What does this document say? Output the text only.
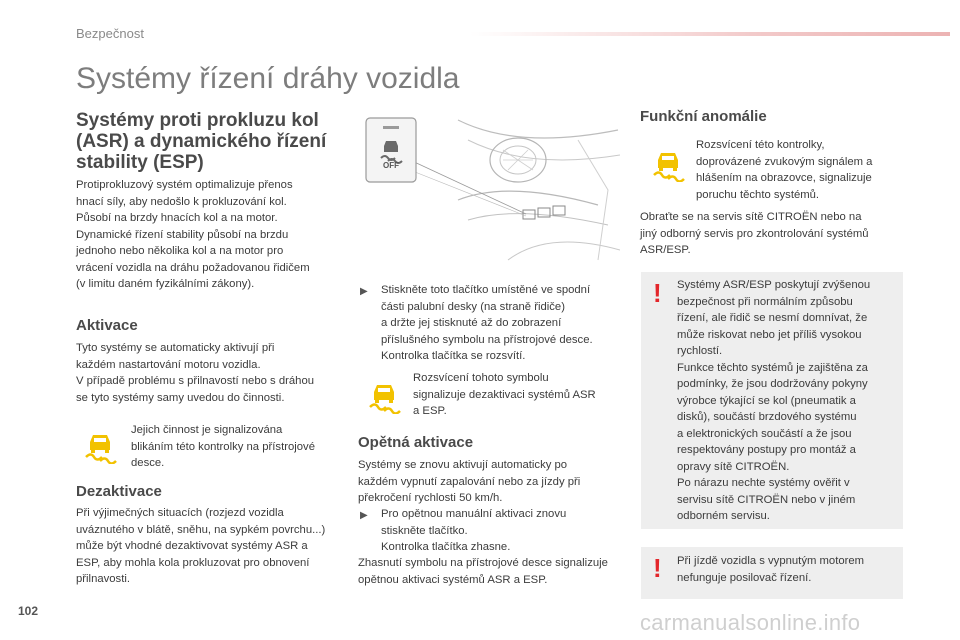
Bezpečnost
Systémy řízení dráhy vozidla

Systémy proti prokluzu kol (ASR) a dynamického řízení stability (ESP)

Protiprokluzový systém optimalizuje přenos
hnací síly, aby nedošlo k prokluzování kol.
Působí na brzdy hnacích kol a na motor.
Dynamické řízení stability působí na brzdu
jednoho nebo několika kol a na motor pro
vrácení vozidla na dráhu požadovanou řidičem
(v limitu daném fyzikálními zákony).

Aktivace

Tyto systémy se automaticky aktivují při
každém nastartování motoru vozidla.
V případě problému s přilnavostí nebo s dráhou
se tyto systémy samy uvedou do činnosti.

Jejich činnost je signalizována
blikáním této kontrolky na přístrojové
desce.

Dezaktivace

Při výjimečných situacích (rozjezd vozidla
uváznutého v blátě, sněhu, na sypkém povrchu...)
může být vhodné dezaktivovat systémy ASR a
ESP, aby mohla kola prokluzovat pro obnovení
přilnavosti.

OFF
▶ Stiskněte toto tlačítko umístěné ve spodní
části palubní desky (na straně řidiče)
a držte jej stisknuté až do zobrazení
příslušného symbolu na přístrojové desce.
Kontrolka tlačítka se rozsvítí.

Rozsvícení tohoto symbolu
signalizuje dezaktivaci systémů ASR
a ESP.

Opětná aktivace

Systémy se znovu aktivují automaticky po
každém vypnutí zapalování nebo za jízdy při
překročení rychlosti 50 km/h.

▶ Pro opětnou manuální aktivaci znovu
stiskněte tlačítko.
Kontrolka tlačítka zhasne.

Zhasnutí symbolu na přístrojové desce signalizuje
opětnou aktivaci systémů ASR a ESP.

Funkční anomálie

Rozsvícení této kontrolky,
doprovázené zvukovým signálem a
hlášením na obrazovce, signalizuje
poruchu těchto systémů.

Obraťte se na servis sítě CITROËN nebo na
jiný odborný servis pro zkontrolování systémů
ASR/ESP.

! Systémy ASR/ESP poskytují zvýšenou
bezpečnost při normálním způsobu
řízení, ale řidič se nesmí domnívat, že
může riskovat nebo jet příliš vysokou
rychlostí.
Funkce těchto systémů je zajištěna za
podmínky, že jsou dodržovány pokyny
výrobce týkající se kol (pneumatik a
disků), součástí brzdového systému
a elektronických součástí a že jsou
respektovány postupy pro montáž a
opravy sítě CITROËN.
Po nárazu nechte systémy ověřit v
servisu sítě CITROËN nebo v jiném
odborném servisu.

! Při jízdě vozidla s vypnutým motorem
nefunguje posilovač řízení.

102	carmanualsonline.info
